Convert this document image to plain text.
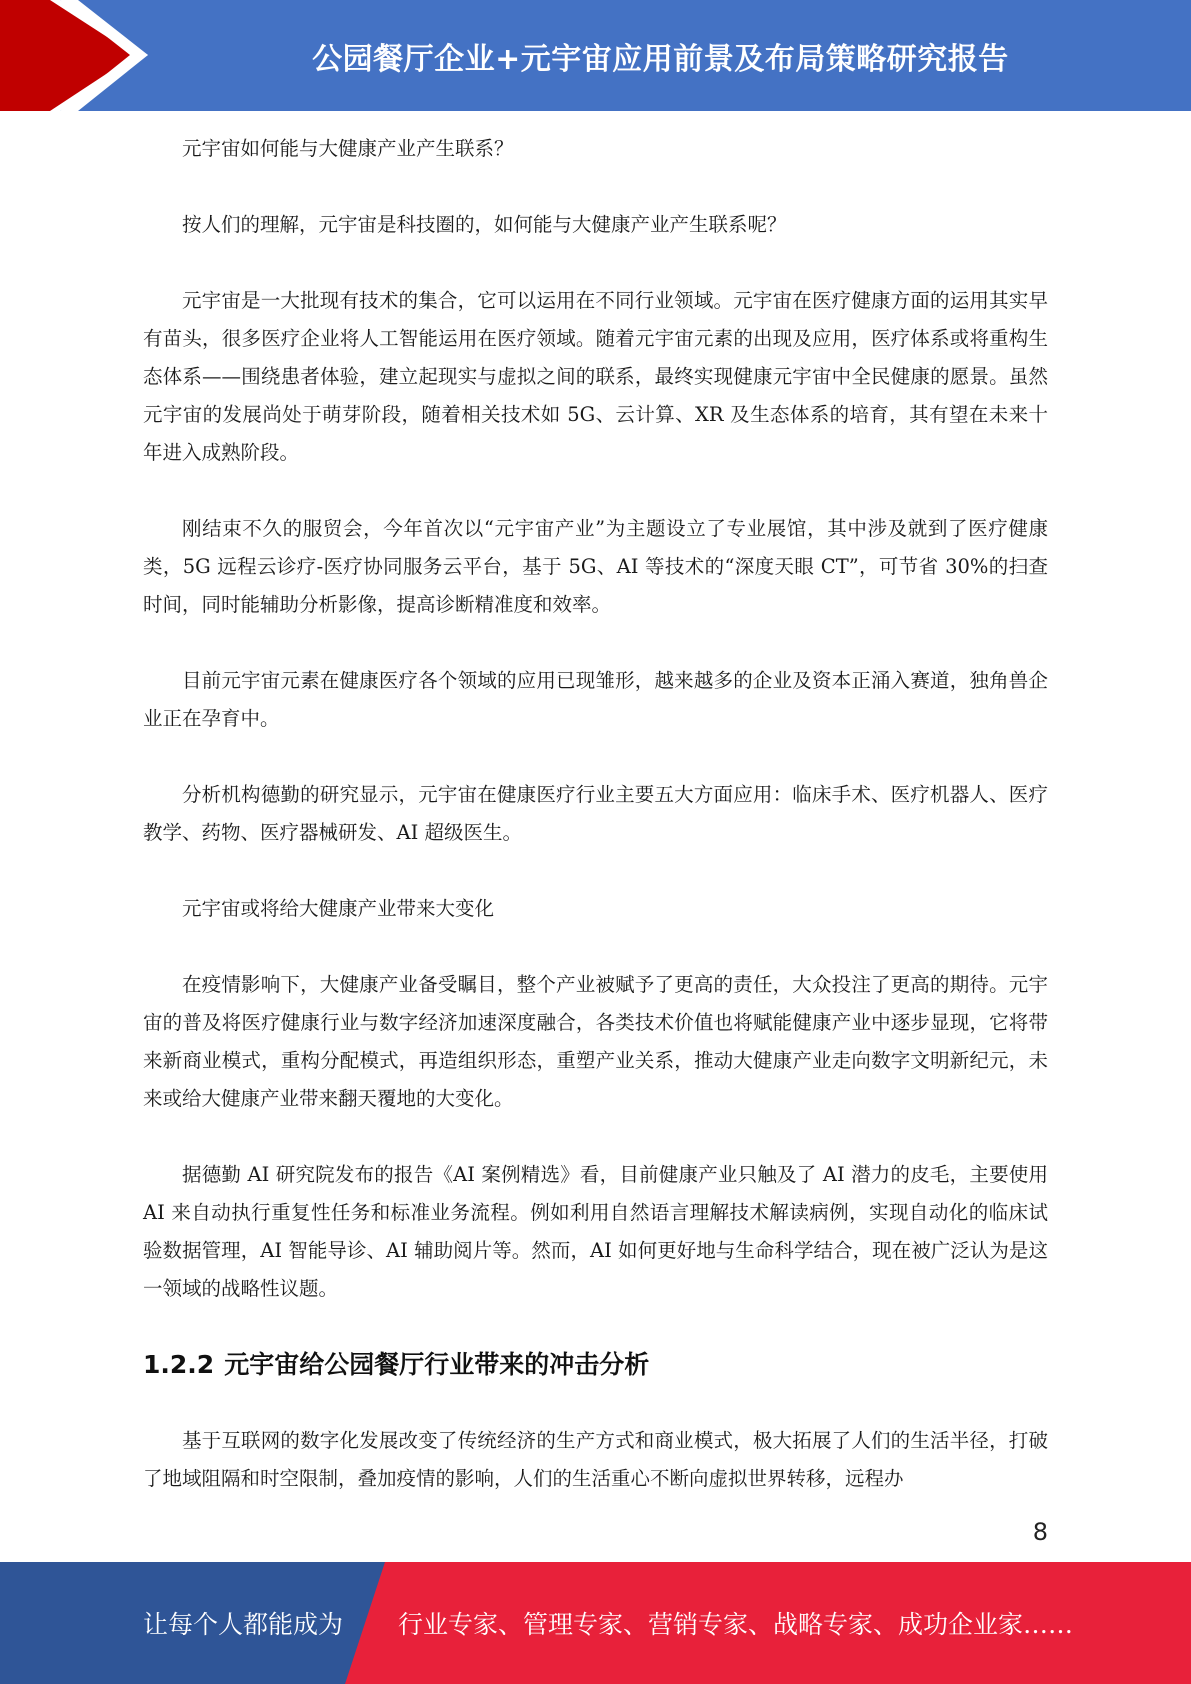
公园餐厅企业+元宇宙应用前景及布局策略研究报告

元宇宙如何能与大健康产业产生联系？

按人们的理解，元宇宙是科技圈的，如何能与大健康产业产生联系呢？

元宇宙是一大批现有技术的集合，它可以运用在不同行业领域。元宇宙在医疗健康方面的运用其实早有苗头，很多医疗企业将人工智能运用在医疗领域。随着元宇宙元素的出现及应用，医疗体系或将重构生态体系——围绕患者体验，建立起现实与虚拟之间的联系，最终实现健康元宇宙中全民健康的愿景。虽然元宇宙的发展尚处于萌芽阶段，随着相关技术如 5G、云计算、XR 及生态体系的培育，其有望在未来十年进入成熟阶段。

刚结束不久的服贸会，今年首次以“元宇宙产业”为主题设立了专业展馆，其中涉及就到了医疗健康类，5G 远程云诊疗-医疗协同服务云平台，基于 5G、AI 等技术的“深度天眼 CT”，可节省 30%的扫查时间，同时能辅助分析影像，提高诊断精准度和效率。

目前元宇宙元素在健康医疗各个领域的应用已现雏形，越来越多的企业及资本正涌入赛道，独角兽企业正在孕育中。

分析机构德勤的研究显示，元宇宙在健康医疗行业主要五大方面应用：临床手术、医疗机器人、医疗教学、药物、医疗器械研发、AI 超级医生。

元宇宙或将给大健康产业带来大变化

在疫情影响下，大健康产业备受瞩目，整个产业被赋予了更高的责任，大众投注了更高的期待。元宇宙的普及将医疗健康行业与数字经济加速深度融合，各类技术价值也将赋能健康产业中逐步显现，它将带来新商业模式，重构分配模式，再造组织形态，重塑产业关系，推动大健康产业走向数字文明新纪元，未来或给大健康产业带来翻天覆地的大变化。

据德勤 AI 研究院发布的报告《AI 案例精选》看，目前健康产业只触及了 AI 潜力的皮毛，主要使用 AI 来自动执行重复性任务和标准业务流程。例如利用自然语言理解技术解读病例，实现自动化的临床试验数据管理，AI 智能导诊、AI 辅助阅片等。然而，AI 如何更好地与生命科学结合，现在被广泛认为是这一领域的战略性议题。

1.2.2 元宇宙给公园餐厅行业带来的冲击分析

基于互联网的数字化发展改变了传统经济的生产方式和商业模式，极大拓展了人们的生活半径，打破了地域阻隔和时空限制，叠加疫情的影响，人们的生活重心不断向虚拟世界转移，远程办

8
让每个人都能成为 行业专家、管理专家、营销专家、战略专家、成功企业家……
